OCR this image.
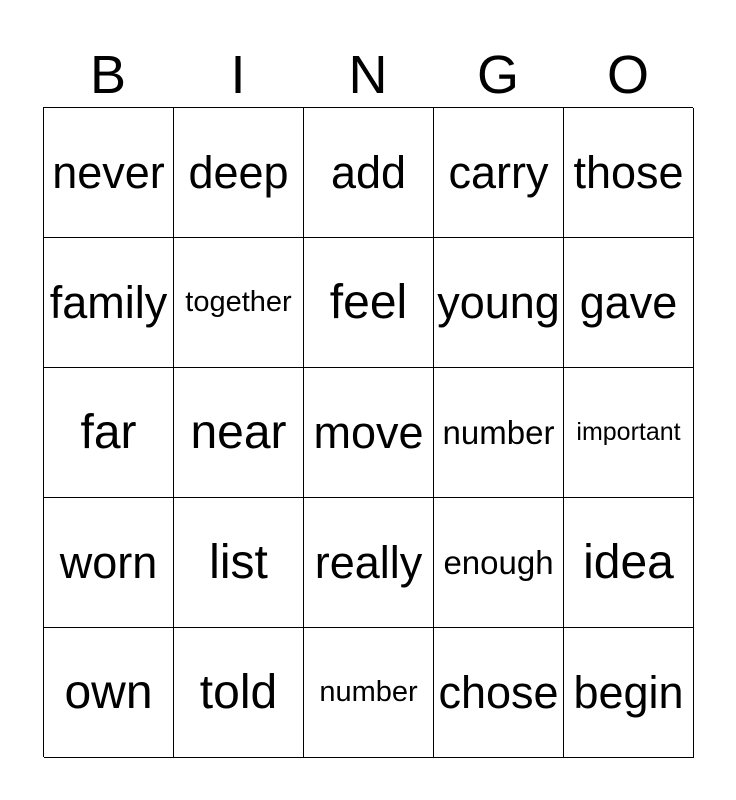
B	I	N	G	O
never deep add carry those
family together feel young gave
far near move number important
worn list really enough idea
own told number chose begin
